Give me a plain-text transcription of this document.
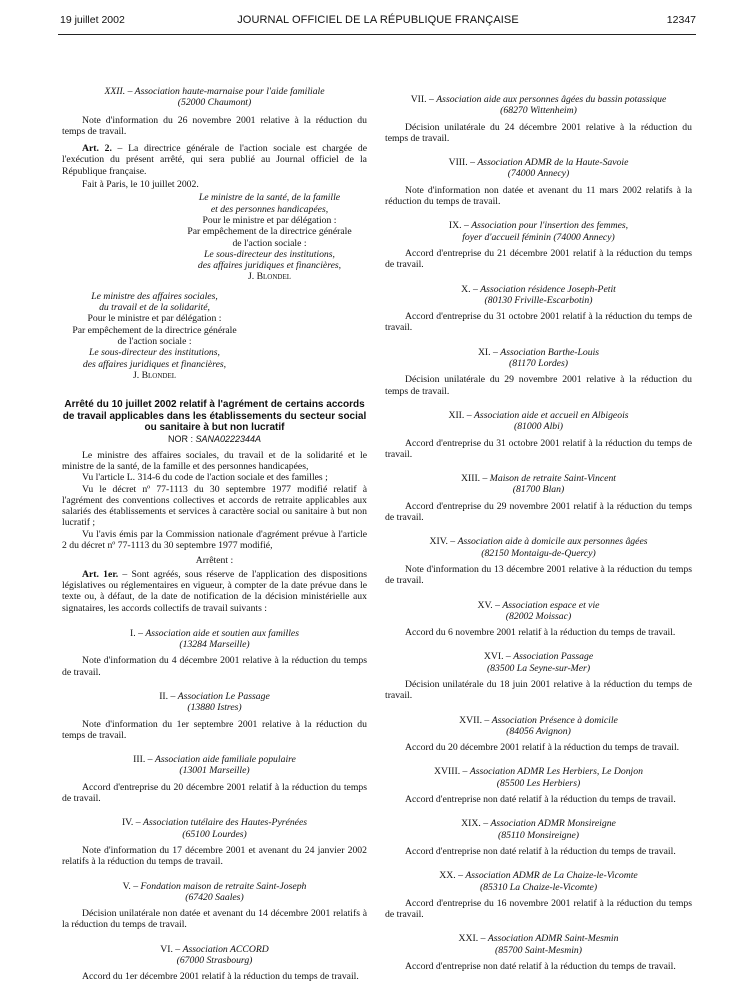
19 juillet 2002	JOURNAL OFFICIEL DE LA RÉPUBLIQUE FRANÇAISE	12347

XXII. – Association haute-marnaise pour l'aide familiale

(52000 Chaumont)

Note d'information du 26 novembre 2001 relative à la réduction du temps de travail.

Art. 2. – La directrice générale de l'action sociale est chargée de l'exécution du présent arrêté, qui sera publié au Journal officiel de la République française.

Fait à Paris, le 10 juillet 2002.

Le ministre de la santé, de la famille

et des personnes handicapées,

Pour le ministre et par délégation :

Par empêchement de la directrice générale

de l'action sociale :

Le sous-directeur des institutions,

des affaires juridiques et financières,

J. Blondel

Le ministre des affaires sociales,

du travail et de la solidarité,

Pour le ministre et par délégation :

Par empêchement de la directrice générale

de l'action sociale :

Le sous-directeur des institutions,

des affaires juridiques et financières,

J. Blondel

Arrêté du 10 juillet 2002 relatif à l'agrément de certains accords de travail applicables dans les établissements du secteur social ou sanitaire à but non lucratif

NOR : SANA0222344A

Le ministre des affaires sociales, du travail et de la solidarité et le ministre de la santé, de la famille et des personnes handicapées,

Vu l'article L. 314-6 du code de l'action sociale et des familles ;

Vu le décret nº 77-1113 du 30 septembre 1977 modifié relatif à l'agrément des conventions collectives et accords de retraite applicables aux salariés des établissements et services à caractère social ou sanitaire à but non lucratif ;

Vu l'avis émis par la Commission nationale d'agrément prévue à l'article 2 du décret nº 77-1113 du 30 septembre 1977 modifié,

Arrêtent :

Art. 1er. – Sont agréés, sous réserve de l'application des dispositions législatives ou réglementaires en vigueur, à compter de la date prévue dans le texte ou, à défaut, de la date de notification de la décision ministérielle aux signataires, les accords collectifs de travail suivants :

I. – Association aide et soutien aux familles

(13284 Marseille)

Note d'information du 4 décembre 2001 relative à la réduction du temps de travail.

II. – Association Le Passage

(13880 Istres)

Note d'information du 1er septembre 2001 relative à la réduction du temps de travail.

III. – Association aide familiale populaire

(13001 Marseille)

Accord d'entreprise du 20 décembre 2001 relatif à la réduction du temps de travail.

IV. – Association tutélaire des Hautes-Pyrénées

(65100 Lourdes)

Note d'information du 17 décembre 2001 et avenant du 24 janvier 2002 relatifs à la réduction du temps de travail.

V. – Fondation maison de retraite Saint-Joseph

(67420 Saales)

Décision unilatérale non datée et avenant du 14 décembre 2001 relatifs à la réduction du temps de travail.

VI. – Association ACCORD

(67000 Strasbourg)

Accord du 1er décembre 2001 relatif à la réduction du temps de travail.

VII. – Association aide aux personnes âgées du bassin potassique

(68270 Wittenheim)

Décision unilatérale du 24 décembre 2001 relative à la réduction du temps de travail.

VIII. – Association ADMR de la Haute-Savoie

(74000 Annecy)

Note d'information non datée et avenant du 11 mars 2002 relatifs à la réduction du temps de travail.

IX. – Association pour l'insertion des femmes,

foyer d'accueil féminin (74000 Annecy)

Accord d'entreprise du 21 décembre 2001 relatif à la réduction du temps de travail.

X. – Association résidence Joseph-Petit

(80130 Friville-Escarbotin)

Accord d'entreprise du 31 octobre 2001 relatif à la réduction du temps de travail.

XI. – Association Barthe-Louis

(81170 Lordes)

Décision unilatérale du 29 novembre 2001 relative à la réduction du temps de travail.

XII. – Association aide et accueil en Albigeois

(81000 Albi)

Accord d'entreprise du 31 octobre 2001 relatif à la réduction du temps de travail.

XIII. – Maison de retraite Saint-Vincent

(81700 Blan)

Accord d'entreprise du 29 novembre 2001 relatif à la réduction du temps de travail.

XIV. – Association aide à domicile aux personnes âgées

(82150 Montaigu-de-Quercy)

Note d'information du 13 décembre 2001 relative à la réduction du temps de travail.

XV. – Association espace et vie

(82002 Moissac)

Accord du 6 novembre 2001 relatif à la réduction du temps de travail.

XVI. – Association Passage

(83500 La Seyne-sur-Mer)

Décision unilatérale du 18 juin 2001 relative à la réduction du temps de travail.

XVII. – Association Présence à domicile

(84056 Avignon)

Accord du 20 décembre 2001 relatif à la réduction du temps de travail.

XVIII. – Association ADMR Les Herbiers, Le Donjon

(85500 Les Herbiers)

Accord d'entreprise non daté relatif à la réduction du temps de travail.

XIX. – Association ADMR Monsireigne

(85110 Monsireigne)

Accord d'entreprise non daté relatif à la réduction du temps de travail.

XX. – Association ADMR de La Chaize-le-Vicomte

(85310 La Chaize-le-Vicomte)

Accord d'entreprise du 16 novembre 2001 relatif à la réduction du temps de travail.

XXI. – Association ADMR Saint-Mesmin

(85700 Saint-Mesmin)

Accord d'entreprise non daté relatif à la réduction du temps de travail.
